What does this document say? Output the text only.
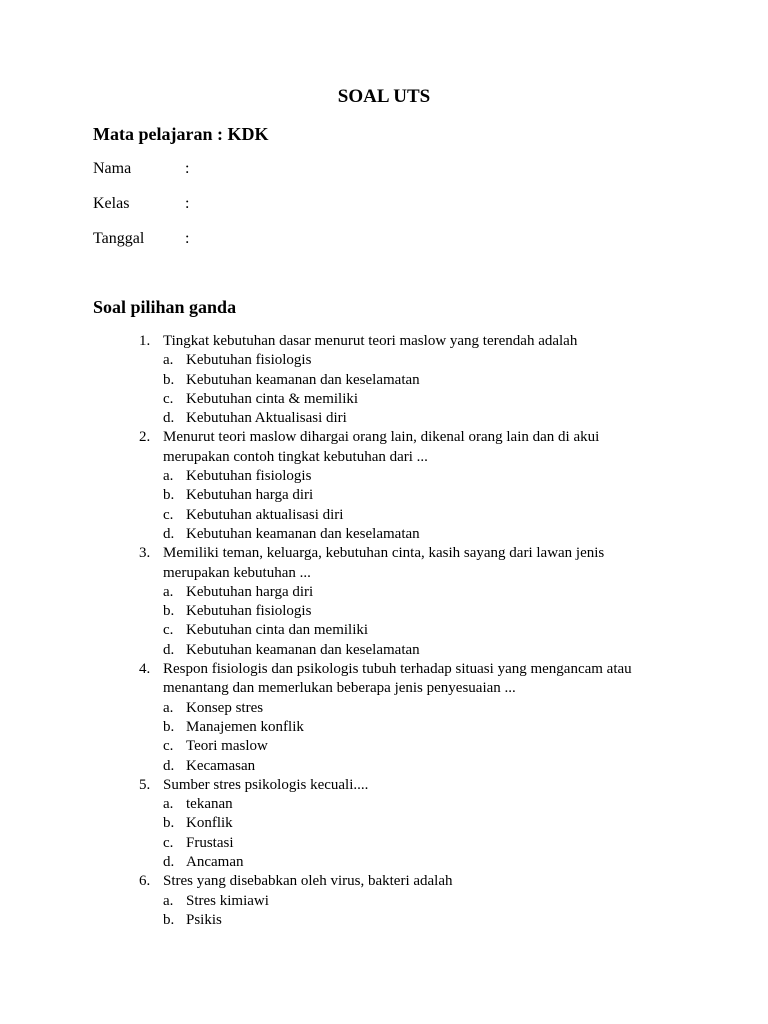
SOAL UTS
Mata pelajaran : KDK
Nama	:
Kelas	:
Tanggal	:
Soal pilihan ganda
1. Tingkat kebutuhan dasar menurut teori maslow yang terendah adalah
a. Kebutuhan fisiologis
b. Kebutuhan keamanan dan keselamatan
c. Kebutuhan cinta & memiliki
d. Kebutuhan Aktualisasi diri
2. Menurut teori maslow dihargai orang lain, dikenal orang lain dan di akui merupakan contoh tingkat kebutuhan dari ...
a. Kebutuhan fisiologis
b. Kebutuhan harga diri
c. Kebutuhan aktualisasi diri
d. Kebutuhan keamanan dan keselamatan
3. Memiliki teman, keluarga, kebutuhan cinta, kasih sayang dari lawan jenis merupakan kebutuhan ...
a. Kebutuhan harga diri
b. Kebutuhan fisiologis
c. Kebutuhan cinta dan memiliki
d. Kebutuhan keamanan dan keselamatan
4. Respon fisiologis dan psikologis tubuh terhadap situasi yang mengancam atau menantang dan memerlukan beberapa jenis penyesuaian ...
a. Konsep stres
b. Manajemen konflik
c. Teori maslow
d. Kecamasan
5. Sumber stres psikologis kecuali....
a. tekanan
b. Konflik
c. Frustasi
d. Ancaman
6. Stres yang disebabkan oleh virus, bakteri adalah
a. Stres kimiawi
b. Psikis
